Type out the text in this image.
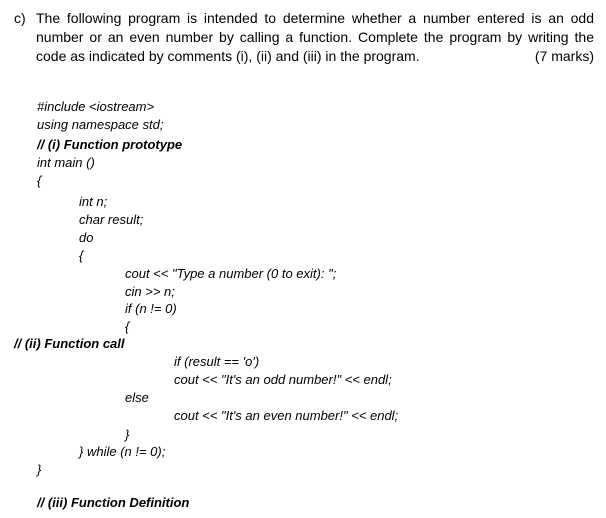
c) The following program is intended to determine whether a number entered is an odd number or an even number by calling a function. Complete the program by writing the code as indicated by comments (i), (ii) and (iii) in the program.	(7 marks)
#include <iostream>
using namespace std;
// (i) Function prototype
int main ()
{
int n;
char result;
do
{
cout << "Type a number (0 to exit): ";
cin >> n;
if (n != 0)
{
// (ii) Function call
if (result == 'o')
cout << "It's an odd number!" << endl;
else
cout << "It's an even number!" << endl;
}
} while (n != 0);
}
// (iii) Function Definition
